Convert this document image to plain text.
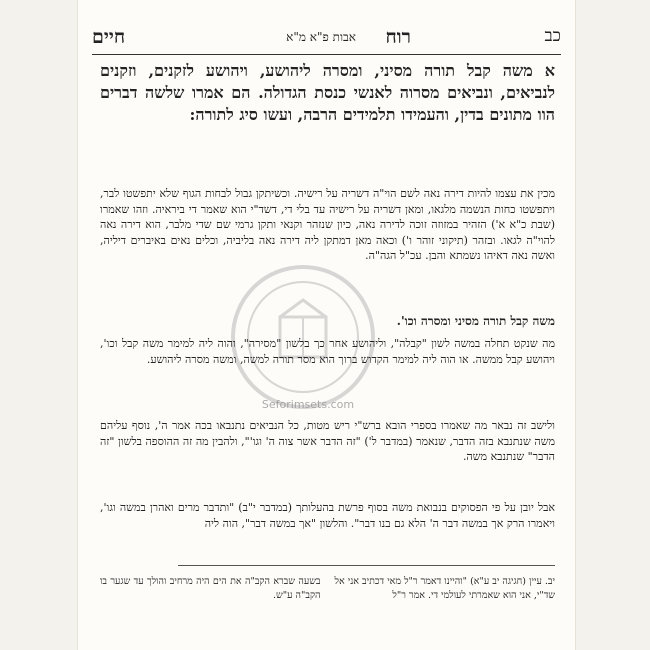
כב
רוח
אבות פ"א מ"א
חיים
א משה קבל תורה מסיני, ומסרה ליהושע, ויהושע לזקנים, וזקנים לנביאים, ונביאים מסרוה לאנשי כנסת הגדולה. הם אמרו שלשה דברים הוו מתונים בדין, והעמידו תלמידים הרבה, ועשו סיג לתורה:
מכין את עצמו להיות דירה נאה לשם הוי"ה דשריה על רישיה. וכשיתקן גבול לבחות הגוף שלא יתפשטו לבר, ויתפשטו כחות הנשמה מלגאו, ומאן דשריה על רישיה עד בלי די, דשד"י הוא שאמר די ביראיה. וזהו שאמרו (שבת כ"א א') הזהיר במזוזה זוכה לדירה נאה, כיון שנזהר וקנאי ותקן גרמי שם שדי מלבר, הוא דירה נאה להוי"ה לגאו. ובזהר (תיקוני זוהר ו') וכאה מאן דמתקן ליה דירה נאה בליביה, וכלים נאים באיברים דיליה, ואשה נאה דאיהו נשמתא והבן. עכ"ל הגה"ה.
Seforimsets.com
משה קבל תורה מסיני ומסרה וכו'.
מה שנקט תחלה במשה לשון "קבלה", וליהושע אחר כך בלשון "מסירה", והוה ליה למימר משה קבל וכו', ויהושע קבל ממשה. או הוה ליה למימר הקדוש ברוך הוא מסר תורה למשה, ומשה מסרה ליהושע.
ולישב זה נבאר מה שאמרו בספרי הובא ברש"י ריש מטות, כל הנביאים נתנבאו בכה אמר ה', נוסף עליהם משה שנתנבא בזה הדבר, שנאמר (במדבר ל') "זה הדבר אשר צוה ה' וגו'", ולהבין מה זה ההוספה בלשון "זה הדבר" שנתנבא משה.
אבל יובן על פי הפסוקים בנבואת משה בסוף פרשת בהעלותך (במדבר י"ב) "ותדבר מרים ואהרן במשה וגו', ויאמרו הרק אך במשה דבר ה' הלא גם בנו דבר". והלשון "אך במשה דבר", הוה ליה
יב. עיין (חגיגה יב ע"א) "והיינו דאמר ר"ל מאי דכתיב אני אל שד"י, אני הוא שאמרתי לעולמי די. אמר ר"ל
בשעה שברא הקב"ה את הים היה מרחיב והולך עד שגער בו הקב"ה ע"ש.
